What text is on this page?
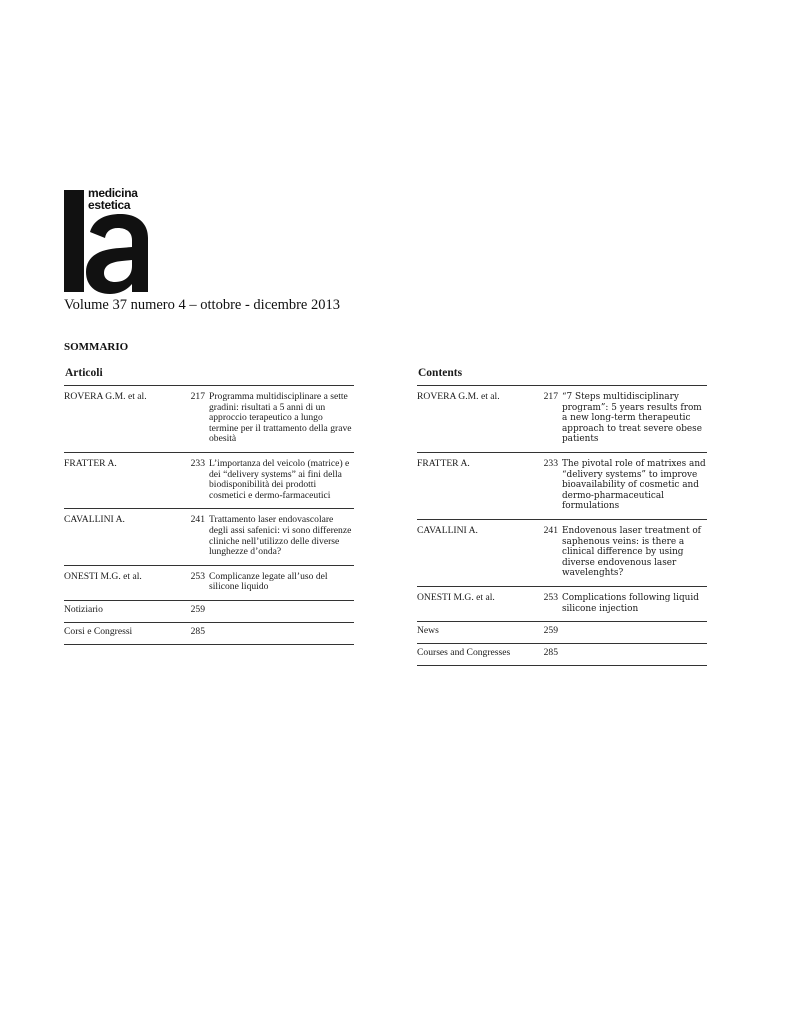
medicina
estetica
Volume 37 numero 4 – ottobre - dicembre 2013
SOMMARIO
Articoli
ROVERA G.M. et al.	217 Programma multidisciplinare a sette gradini: risultati a 5 anni di un approccio terapeutico a lungo termine per il trattamento della grave obesità
FRATTER A.	233 L’importanza del veicolo (matrice) e dei “delivery systems” ai fini della biodisponibilità dei prodotti cosmetici e dermo-farmaceutici
CAVALLINI A.	241 Trattamento laser endovascolare degli assi safenici: vi sono differenze cliniche nell’utilizzo delle diverse lunghezze d’onda?
ONESTI M.G. et al.	253 Complicanze legate all’uso del silicone liquido
Notiziario	259
Corsi e Congressi	285
Contents
ROVERA G.M. et al.	217 “7 Steps multidisciplinary program”: 5 years results from a new long-term therapeutic approach to treat severe obese patients
FRATTER A.	233 The pivotal role of matrixes and “delivery systems” to improve bioavailability of cosmetic and dermo-pharmaceutical formulations
CAVALLINI A.	241 Endovenous laser treatment of saphenous veins: is there a clinical difference by using diverse endovenous laser wavelenghts?
ONESTI M.G. et al.	253 Complications following liquid silicone injection
News	259
Courses and Congresses	285
